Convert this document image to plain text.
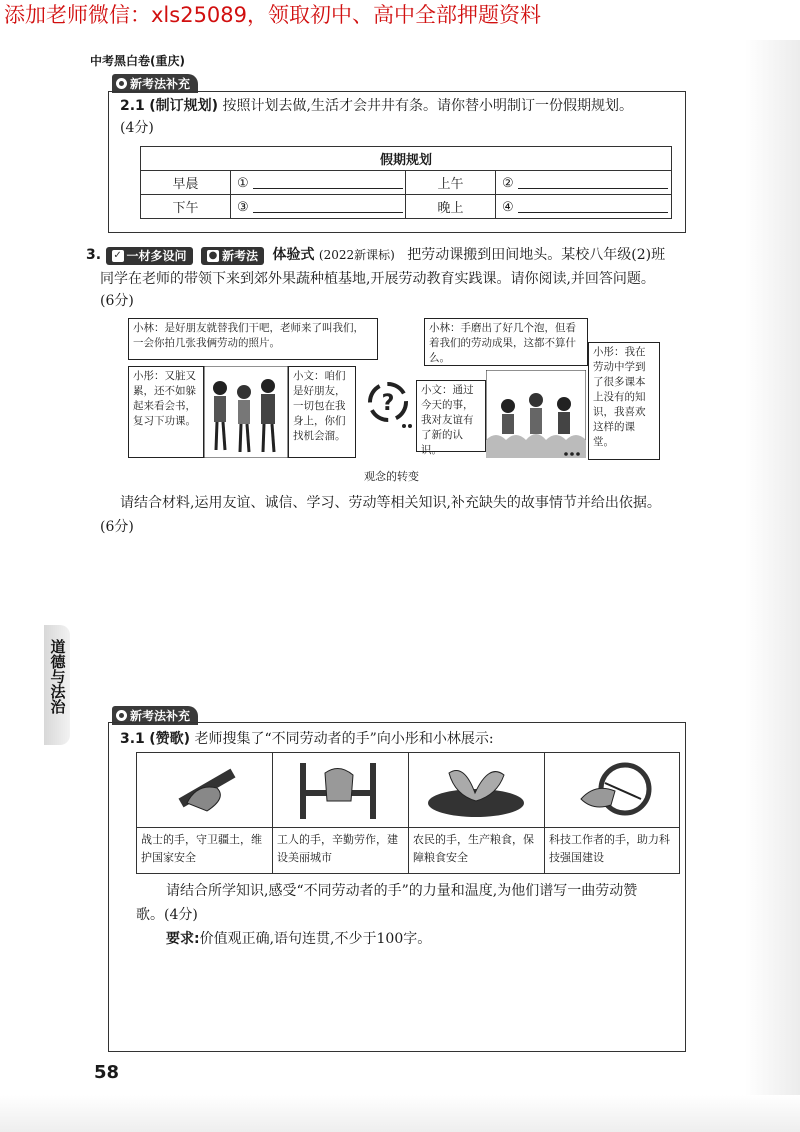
添加老师微信：xls25089，领取初中、高中全部押题资料
中考黑白卷(重庆)
新考法补充
2.1 (制订规划) 按照计划去做,生活才会井井有条。请你替小明制订一份假期规划。
(4分)
假期规划			
早晨	①	上午	②
下午	③	晚上	④
3. ✓ 一材多设问
● 新考法 体验式 (2022新课标) 把劳动课搬到田间地头。某校八年级(2)班
同学在老师的带领下来到郊外果蔬种植基地,开展劳动教育实践课。请你阅读,并回答问题。
(6分)
小林：是好朋友就替我们干吧，老师来了叫我们，一会你拍几张我俩劳动的照片。
小彤：又脏又累，还不如躲起来看会书，复习下功课。
小文：咱们是好朋友，一切包在我身上，你们找机会溜。
?
小林：手磨出了好几个泡，但看着我们的劳动成果，这都不算什么。
小文：通过今天的事，我对友谊有了新的认识。
小彤：我在劳动中学到了很多课本上没有的知识，我喜欢这样的课堂。
观念的转变
请结合材料,运用友谊、诚信、学习、劳动等相关知识,补充缺失的故事情节并给出依据。
(6分)
道德与法治
新考法补充
3.1 (赞歌) 老师搜集了“不同劳动者的手”向小彤和小林展示:

战士的手，守卫疆土，维护国家安全	工人的手，辛勤劳作，建设美丽城市	农民的手，生产粮食，保障粮食安全	科技工作者的手，助力科技强国建设
请结合所学知识,感受“不同劳动者的手”的力量和温度,为他们谱写一曲劳动赞
歌。(4分)
要求:价值观正确,语句连贯,不少于100字。
58
